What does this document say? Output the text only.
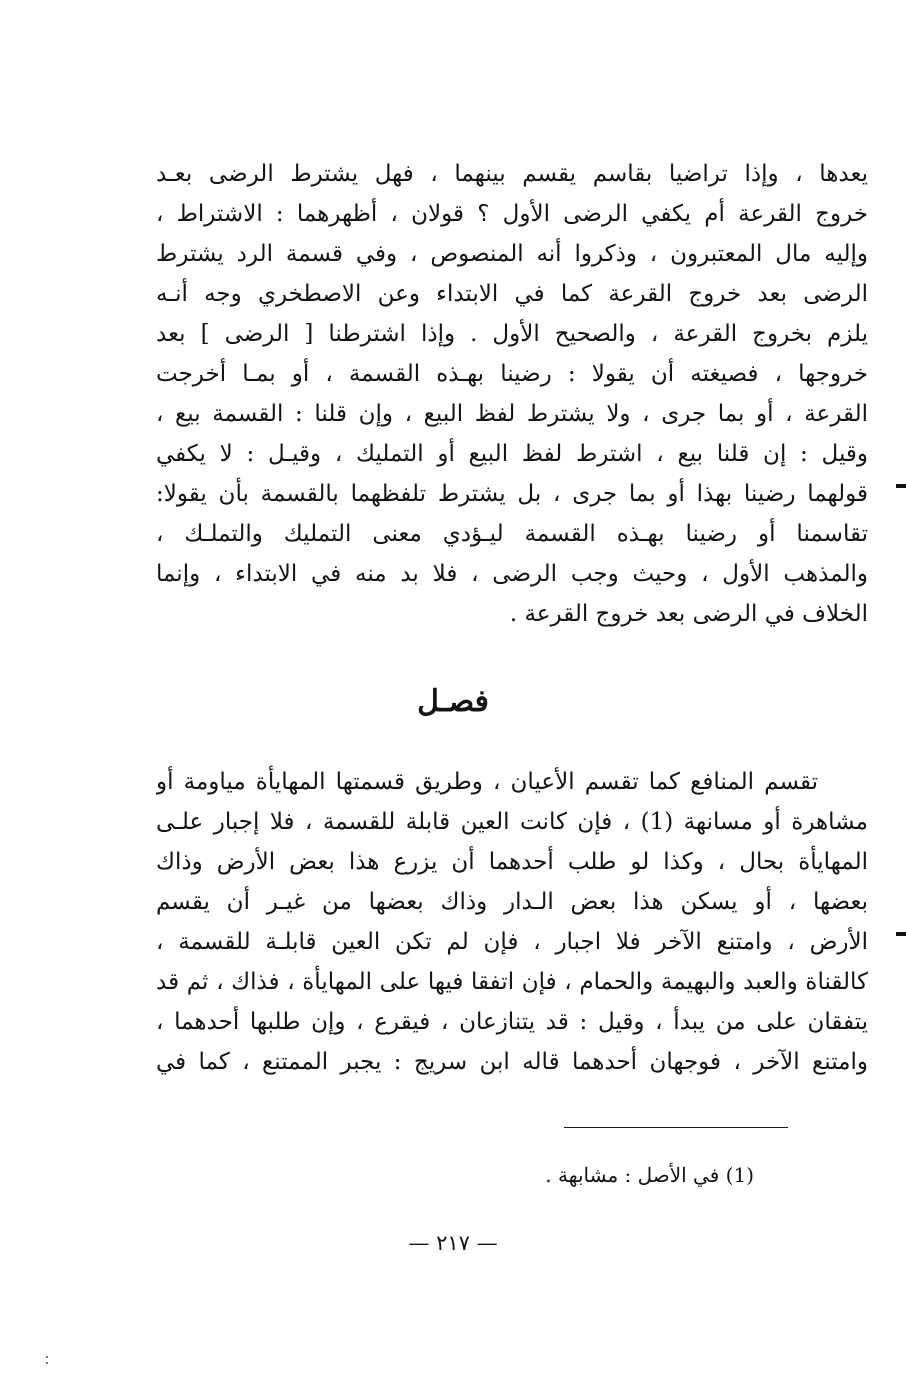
يعدها ، وإذا تراضيا بقاسم يقسم بينهما ، فهل يشترط الرضى بعـد
خروج القرعة أم يكفي الرضى الأول ؟ قولان ، أظهرهما : الاشتراط ،
وإليه مال المعتبرون ، وذكروا أنه المنصوص ، وفي قسمة الرد يشترط
الرضى بعد خروج القرعة كما في الابتداء وعن الاصطخري وجه أنـه
يلزم بخروج القرعة ، والصحيح الأول . وإذا اشترطنا [ الرضى ] بعد
خروجها ، فصيغته أن يقولا : رضينا بهـذه القسمة ، أو بمـا أخرجت
القرعة ، أو بما جرى ، ولا يشترط لفظ البيع ، وإن قلنا : القسمة بيع ،
وقيل : إن قلنا بيع ، اشترط لفظ البيع أو التمليك ، وقيـل : لا يكفي
قولهما رضينا بهذا أو بما جرى ، بل يشترط تلفظهما بالقسمة بأن يقولا:
تقاسمنا أو رضينا بهـذه القسمة ليـؤدي معنى التمليك والتملـك ،
والمذهب الأول ، وحيث وجب الرضى ، فلا بد منه في الابتداء ، وإنما
الخلاف في الرضى بعد خروج القرعة .
فصـل
تقسم المنافع كما تقسم الأعيان ، وطريق قسمتها المهايأة مياومة أو
مشاهرة أو مسانهة (1) ، فإن كانت العين قابلة للقسمة ، فلا إجبار علـى
المهايأة بحال ، وكذا لو طلب أحدهما أن يزرع هذا بعض الأرض وذاك
بعضها ، أو يسكن هذا بعض الـدار وذاك بعضها من غيـر أن يقسم
الأرض ، وامتنع الآخر فلا اجبار ، فإن لم تكن العين قابلـة للقسمة ،
كالقناة والعبد والبهيمة والحمام ، فإن اتفقا فيها على المهايأة ، فذاك ، ثم قد
يتفقان على من يبدأ ، وقيل : قد يتنازعان ، فيقرع ، وإن طلبها أحدهما ،
وامتنع الآخر ، فوجهان أحدهما قاله ابن سريج : يجبر الممتنع ، كما في
(1) في الأصل : مشابهة .
— ٢١٧ —
